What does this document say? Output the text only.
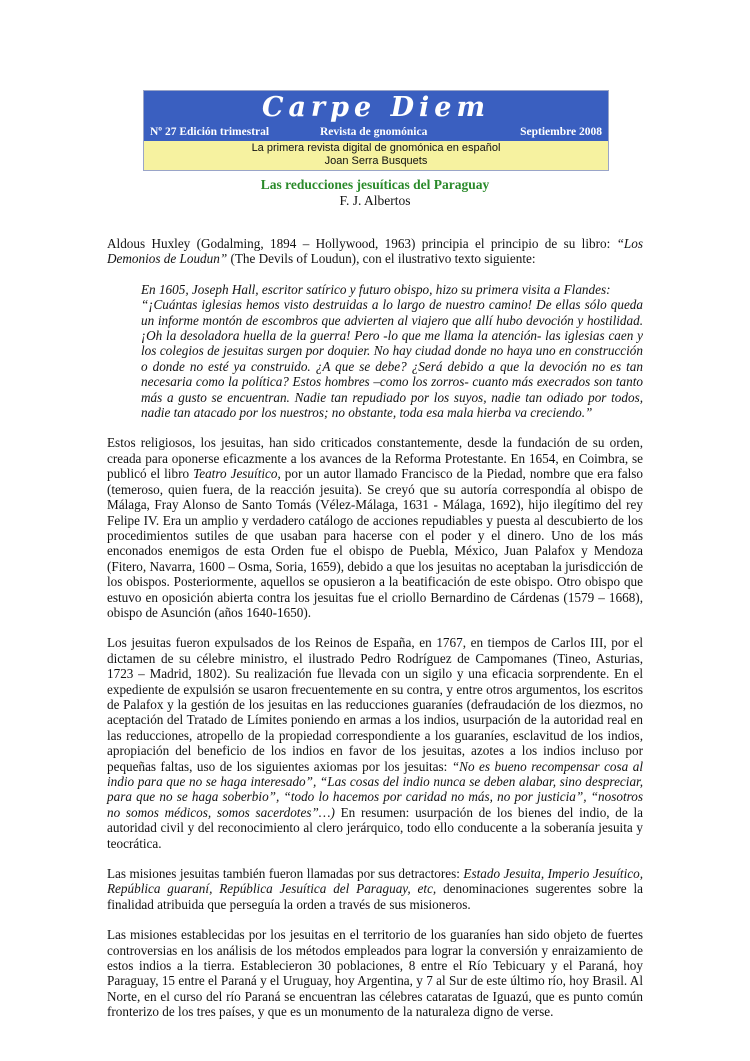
Carpe Diem
Nº 27 Edición trimestral	Revista de gnomónica	Septiembre 2008
La primera revista digital de gnomónica en español
Joan Serra Busquets
Las reducciones jesuíticas del Paraguay
F. J. Albertos

Aldous Huxley (Godalming, 1894 – Hollywood, 1963) principia el principio de su libro: “Los Demonios de Loudun” (The Devils of Loudun), con el ilustrativo texto siguiente:

En 1605, Joseph Hall, escritor satírico y futuro obispo, hizo su primera visita a Flandes:

“¡Cuántas iglesias hemos visto destruidas a lo largo de nuestro camino! De ellas sólo queda un informe montón de escombros que advierten al viajero que allí hubo devoción y hostilidad. ¡Oh la desoladora huella de la guerra! Pero -lo que me llama la atención- las iglesias caen y los colegios de jesuitas surgen por doquier. No hay ciudad donde no haya uno en construcción o donde no esté ya construido. ¿A que se debe? ¿Será debido a que la devoción no es tan necesaria como la política? Estos hombres –como los zorros- cuanto más execrados son tanto más a gusto se encuentran. Nadie tan repudiado por los suyos, nadie tan odiado por todos, nadie tan atacado por los nuestros; no obstante, toda esa mala hierba va creciendo.”

Estos religiosos, los jesuitas, han sido criticados constantemente, desde la fundación de su orden, creada para oponerse eficazmente a los avances de la Reforma Protestante. En 1654, en Coimbra, se publicó el libro Teatro Jesuítico, por un autor llamado Francisco de la Piedad, nombre que era falso (temeroso, quien fuera, de la reacción jesuita). Se creyó que su autoría correspondía al obispo de Málaga, Fray Alonso de Santo Tomás (Vélez-Málaga, 1631 - Málaga, 1692), hijo ilegítimo del rey Felipe IV. Era un amplio y verdadero catálogo de acciones repudiables y puesta al descubierto de los procedimientos sutiles de que usaban para hacerse con el poder y el dinero. Uno de los más enconados enemigos de esta Orden fue el obispo de Puebla, México, Juan Palafox y Mendoza (Fitero, Navarra, 1600 – Osma, Soria, 1659), debido a que los jesuitas no aceptaban la jurisdicción de los obispos. Posteriormente, aquellos se opusieron a la beatificación de este obispo. Otro obispo que estuvo en oposición abierta contra los jesuitas fue el criollo Bernardino de Cárdenas (1579 – 1668), obispo de Asunción (años 1640-1650).

Los jesuitas fueron expulsados de los Reinos de España, en 1767, en tiempos de Carlos III, por el dictamen de su célebre ministro, el ilustrado Pedro Rodríguez de Campomanes (Tineo, Asturias, 1723 – Madrid, 1802). Su realización fue llevada con un sigilo y una eficacia sorprendente. En el expediente de expulsión se usaron frecuentemente en su contra, y entre otros argumentos, los escritos de Palafox y la gestión de los jesuitas en las reducciones guaraníes (defraudación de los diezmos, no aceptación del Tratado de Límites poniendo en armas a los indios, usurpación de la autoridad real en las reducciones, atropello de la propiedad correspondiente a los guaraníes, esclavitud de los indios, apropiación del beneficio de los indios en favor de los jesuitas, azotes a los indios incluso por pequeñas faltas, uso de los siguientes axiomas por los jesuitas: “No es bueno recompensar cosa al indio para que no se haga interesado”, “Las cosas del indio nunca se deben alabar, sino despreciar, para que no se haga soberbio”, “todo lo hacemos por caridad no más, no por justicia”, “nosotros no somos médicos, somos sacerdotes”…) En resumen: usurpación de los bienes del indio, de la autoridad civil y del reconocimiento al clero jerárquico, todo ello conducente a la soberanía jesuita y teocrática.

Las misiones jesuitas también fueron llamadas por sus detractores: Estado Jesuita, Imperio Jesuítico, República guaraní, República Jesuítica del Paraguay, etc, denominaciones sugerentes sobre la finalidad atribuida que perseguía la orden a través de sus misioneros.

Las misiones establecidas por los jesuitas en el territorio de los guaraníes han sido objeto de fuertes controversias en los análisis de los métodos empleados para lograr la conversión y enraizamiento de estos indios a la tierra. Establecieron 30 poblaciones, 8 entre el Río Tebicuary y el Paraná, hoy Paraguay, 15 entre el Paraná y el Uruguay, hoy Argentina, y 7 al Sur de este último río, hoy Brasil. Al Norte, en el curso del río Paraná se encuentran las célebres cataratas de Iguazú, que es punto común fronterizo de los tres países, y que es un monumento de la naturaleza digno de verse.
